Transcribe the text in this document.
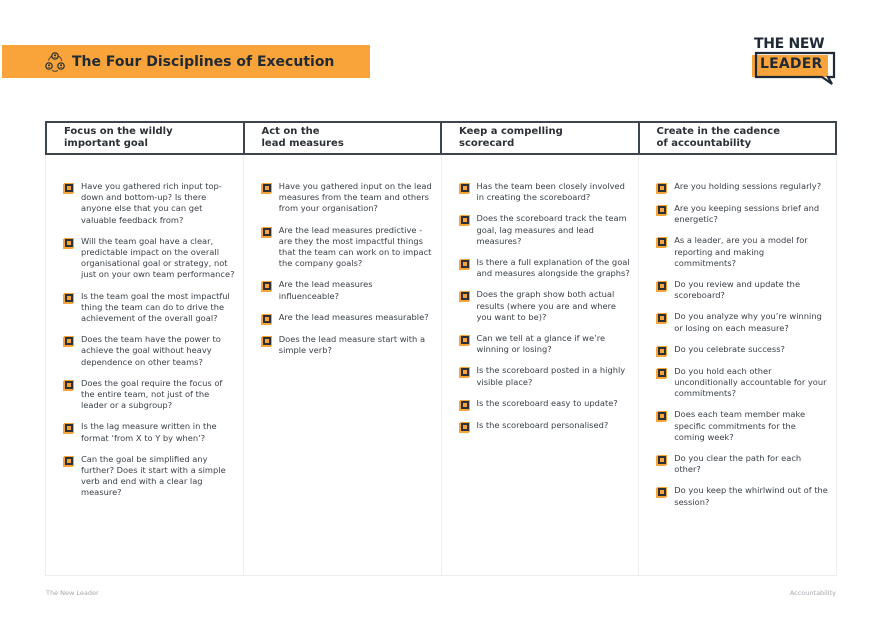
The Four Disciplines of Execution
THE NEW
LEADER
Focus on the wildly
important goal
Act on the
lead measures
Keep a compelling
scorecard
Create in the cadence
of accountability
Have you gathered rich input top-down and bottom-up? Is there anyone else that you can get valuable feedback from?
Will the team goal have a clear, predictable impact on the overall organisational goal or strategy, not just on your own team performance?
Is the team goal the most impactful thing the team can do to drive the achievement of the overall goal?
Does the team have the power to achieve the goal without heavy dependence on other teams?
Does the goal require the focus of the entire team, not just of the leader or a subgroup?
Is the lag measure written in the format ‘from X to Y by when’?
Can the goal be simplified any further? Does it start with a simple verb and end with a clear lag measure?
Have you gathered input on the lead measures from the team and others from your organisation?
Are the lead measures predictive - are they the most impactful things that the team can work on to impact the company goals?
Are the lead measures influenceable?
Are the lead measures measurable?
Does the lead measure start with a simple verb?
Has the team been closely involved in creating the scoreboard?
Does the scoreboard track the team goal, lag measures and lead measures?
Is there a full explanation of the goal and measures alongside the graphs?
Does the graph show both actual results (where you are and where you want to be)?
Can we tell at a glance if we’re winning or losing?
Is the scoreboard posted in a highly visible place?
Is the scoreboard easy to update?
Is the scoreboard personalised?
Are you holding sessions regularly?
Are you keeping sessions brief and energetic?
As a leader, are you a model for reporting and making commitments?
Do you review and update the scoreboard?
Do you analyze why you’re winning or losing on each measure?
Do you celebrate success?
Do you hold each other unconditionally accountable for your commitments?
Does each team member make specific commitments for the coming week?
Do you clear the path for each other?
Do you keep the whirlwind out of the session?
The New Leader	Accountability
